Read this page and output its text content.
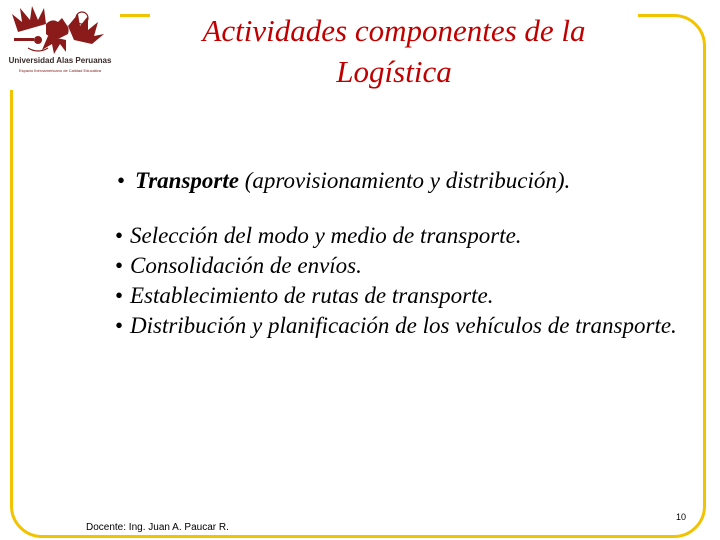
Universidad Alas Peruanas
Espacio Iberoamericano de Calidad Educativa
Actividades componentes de la
Logística
• Transporte (aprovisionamiento y distribución).
• Selección del modo y medio de transporte.
• Consolidación de envíos.
• Establecimiento de rutas de transporte.
• Distribución y planificación de los vehículos de transporte.
Docente: Ing. Juan A. Paucar R.
10
